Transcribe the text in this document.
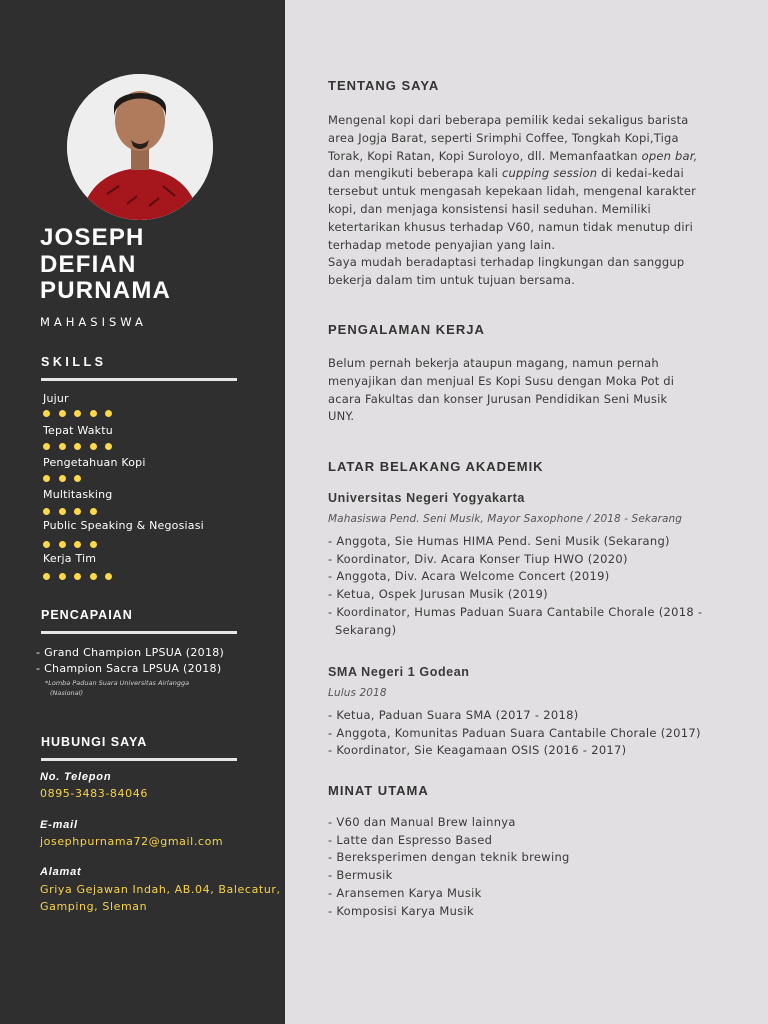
JOSEPH
DEFIAN
PURNAMA
MAHASISWA
SKILLS
Jujur
Tepat Waktu
Pengetahuan Kopi
Multitasking
Public Speaking & Negosiasi
Kerja Tim
PENCAPAIAN
- Grand Champion LPSUA (2018)
- Champion Sacra LPSUA (2018)
*Lomba Paduan Suara Universitas Airlangga
(Nasional)
HUBUNGI SAYA
No. Telepon
0895-3483-84046
E-mail
josephpurnama72@gmail.com
Alamat
Griya Gejawan Indah, AB.04, Balecatur,
Gamping, Sleman
TENTANG SAYA
Mengenal kopi dari beberapa pemilik kedai sekaligus barista
area Jogja Barat, seperti Srimphi Coffee, Tongkah Kopi,Tiga
Torak, Kopi Ratan, Kopi Suroloyo, dll. Memanfaatkan open bar,
dan mengikuti beberapa kali cupping session di kedai-kedai
tersebut untuk mengasah kepekaan lidah, mengenal karakter
kopi, dan menjaga konsistensi hasil seduhan. Memiliki
ketertarikan khusus terhadap V60, namun tidak menutup diri
terhadap metode penyajian yang lain.
Saya mudah beradaptasi terhadap lingkungan dan sanggup
bekerja dalam tim untuk tujuan bersama.
PENGALAMAN KERJA
Belum pernah bekerja ataupun magang, namun pernah
menyajikan dan menjual Es Kopi Susu dengan Moka Pot di
acara Fakultas dan konser Jurusan Pendidikan Seni Musik
UNY.
LATAR BELAKANG AKADEMIK
Universitas Negeri Yogyakarta
Mahasiswa Pend. Seni Musik, Mayor Saxophone / 2018 - Sekarang
- Anggota, Sie Humas HIMA Pend. Seni Musik (Sekarang)
- Koordinator, Div. Acara Konser Tiup HWO (2020)
- Anggota, Div. Acara Welcome Concert (2019)
- Ketua, Ospek Jurusan Musik (2019)
- Koordinator, Humas Paduan Suara Cantabile Chorale (2018 - Sekarang)
SMA Negeri 1 Godean
Lulus 2018
- Ketua, Paduan Suara SMA (2017 - 2018)
- Anggota, Komunitas Paduan Suara Cantabile Chorale (2017)
- Koordinator, Sie Keagamaan OSIS (2016 - 2017)
MINAT UTAMA
- V60 dan Manual Brew lainnya
- Latte dan Espresso Based
- Bereksperimen dengan teknik brewing
- Bermusik
- Aransemen Karya Musik
- Komposisi Karya Musik
